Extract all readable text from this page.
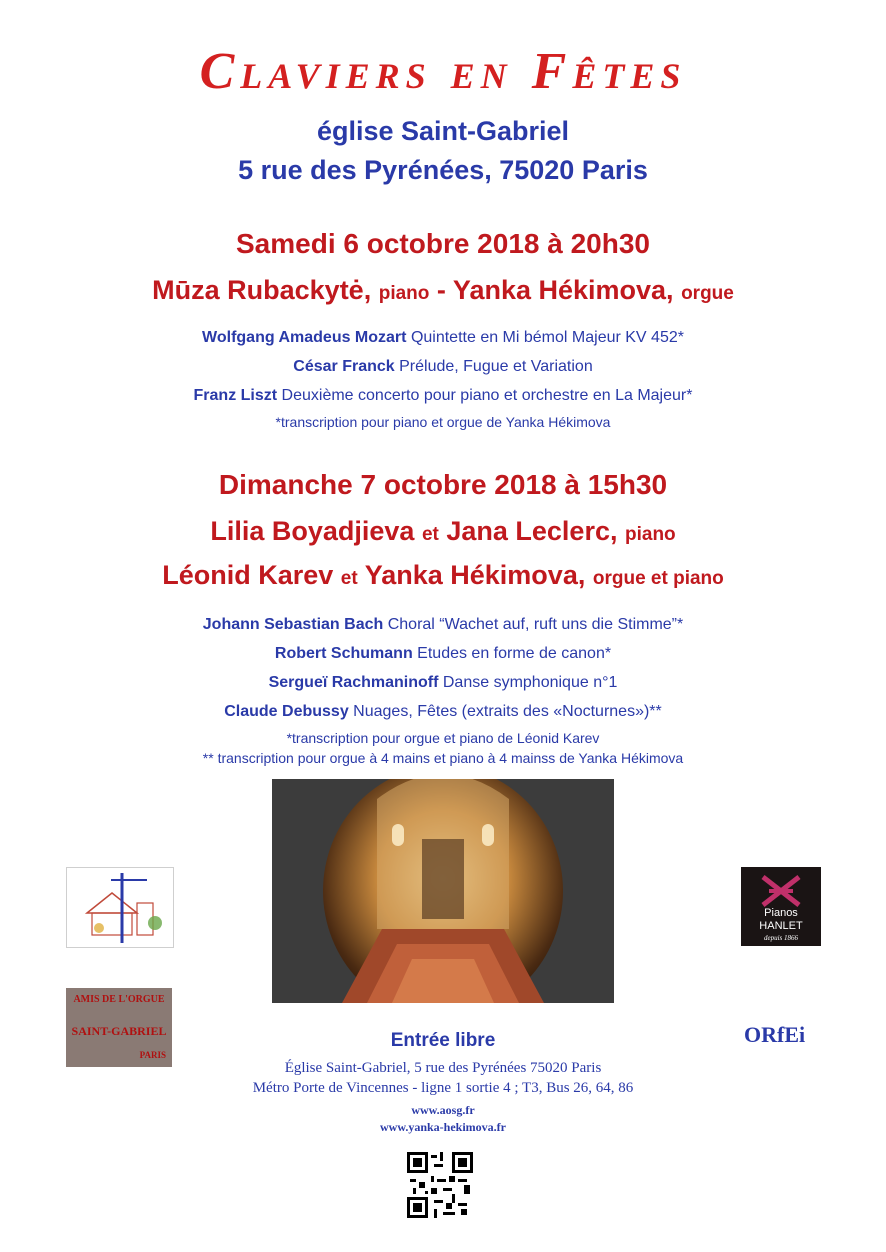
Claviers en Fêtes
église Saint-Gabriel
5 rue des Pyrénées, 75020 Paris
Samedi 6 octobre 2018 à 20h30
Mūza Rubackytė, piano - Yanka Hékimova, orgue
Wolfgang Amadeus Mozart Quintette en Mi bémol Majeur KV 452*
César Franck Prélude, Fugue et Variation
Franz Liszt Deuxième concerto pour piano et orchestre en La Majeur*
*transcription pour piano et orgue de Yanka Hékimova
Dimanche 7 octobre 2018 à 15h30
Lilia Boyadjieva et Jana Leclerc, piano
Léonid Karev et Yanka Hékimova, orgue et piano
Johann Sebastian Bach Choral “Wachet auf, ruft uns die Stimme”*
Robert Schumann Etudes en forme de canon*
Sergueï Rachmaninoff Danse symphonique n°1
Claude Debussy Nuages, Fêtes (extraits des «Nocturnes»)**
*transcription pour orgue et piano de Léonid Karev
** transcription pour orgue à 4 mains et piano à 4 mainss de Yanka Hékimova
AMIS DE L'ORGUE
SAINT-GABRIEL
PARIS
Pianos
HANLET
depuis 1866
ORfEi
Entrée libre
Église Saint-Gabriel, 5 rue des Pyrénées 75020 Paris
Métro Porte de Vincennes - ligne 1 sortie 4 ; T3, Bus 26, 64, 86
www.aosg.fr
www.yanka-hekimova.fr
